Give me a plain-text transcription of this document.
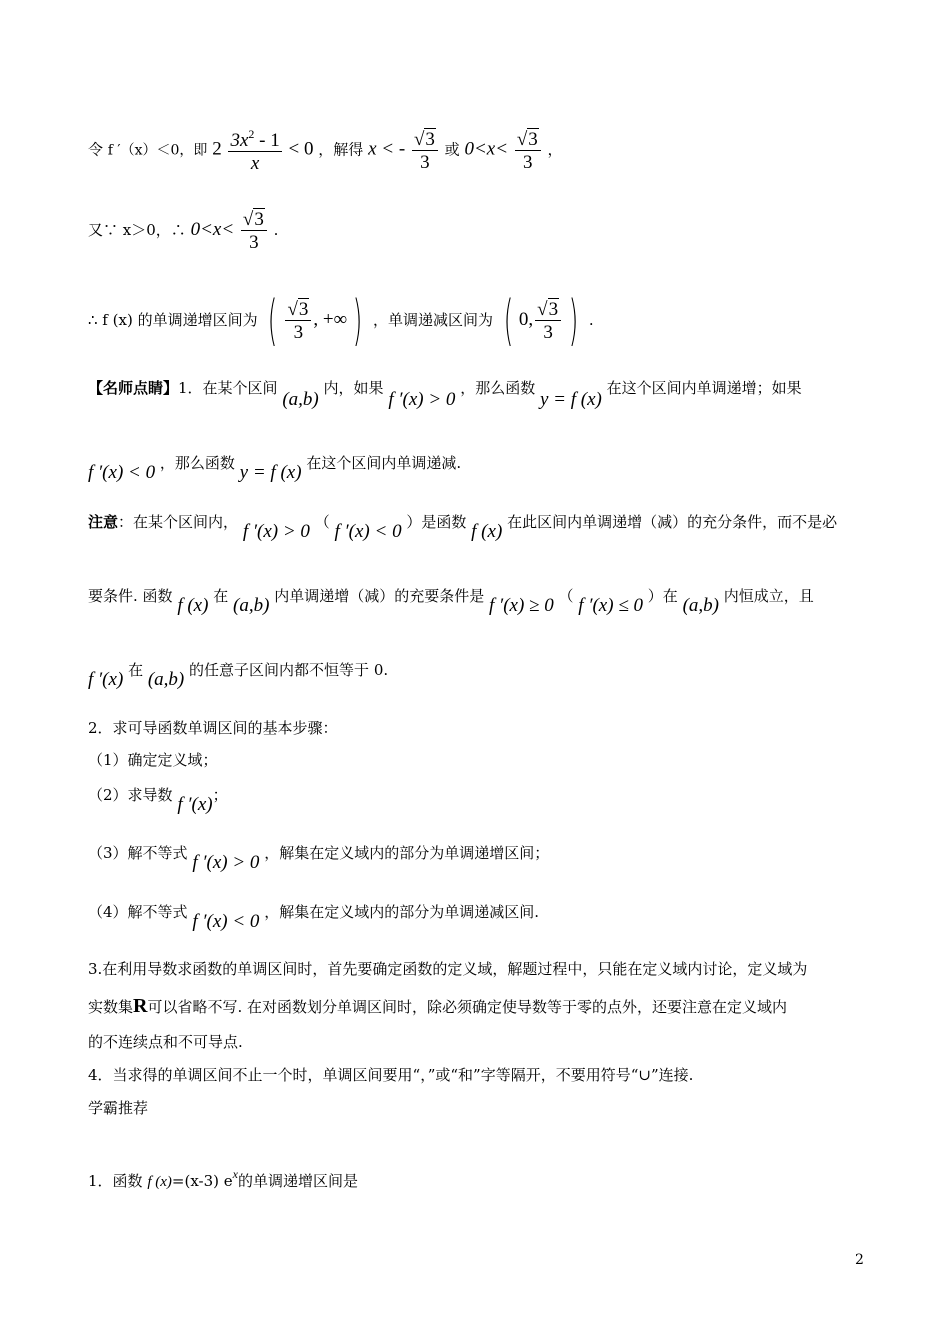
令 f ′（x）＜0，即 $2 \frac{3x^2 - 1}{x} < 0$ ，解得 x < - $\frac{√3}{3}$ 或 $0<x< \frac{√3}{3}$ ，
又∵ x＞0，∴ $0<x< \frac{√3}{3}$ .
∴ f (x) 的单调递增区间为 ( $\frac{√3}{3}$ , +∞ ) ，单调递减区间为 ( 0, $\frac{√3}{3}$ ) .
【名师点睛】1．在某个区间 (a,b) 内，如果 f ′(x) > 0 ，那么函数 y = f (x) 在这个区间内单调递增；如果
f ′(x) < 0 ，那么函数 y = f (x) 在这个区间内单调递减.
注意：在某个区间内， f ′(x) > 0 （ f ′(x) < 0 ）是函数 f (x) 在此区间内单调递增（减）的充分条件，而不是必
要条件. 函数 f (x) 在 (a,b) 内单调递增（减）的充要条件是 f ′(x) ≥ 0 （ f ′(x) ≤ 0 ）在 (a,b) 内恒成立，且
f ′(x) 在 (a,b) 的任意子区间内都不恒等于 0.
2．求可导函数单调区间的基本步骤：
（1）确定定义域；
（2）求导数 f ′(x)；
（3）解不等式 f ′(x) > 0 ，解集在定义域内的部分为单调递增区间；
（4）解不等式 f ′(x) < 0 ，解集在定义域内的部分为单调递减区间.
3.在利用导数求函数的单调区间时，首先要确定函数的定义域，解题过程中，只能在定义域内讨论，定义域为
实数集R可以省略不写. 在对函数划分单调区间时，除必须确定使导数等于零的点外，还要注意在定义域内
的不连续点和不可导点.
4．当求得的单调区间不止一个时，单调区间要用“，”或“和”字等隔开，不要用符号“∪”连接.
学霸推荐
1．函数 f (x)=(x-3) $e^x$的单调递增区间是
2
